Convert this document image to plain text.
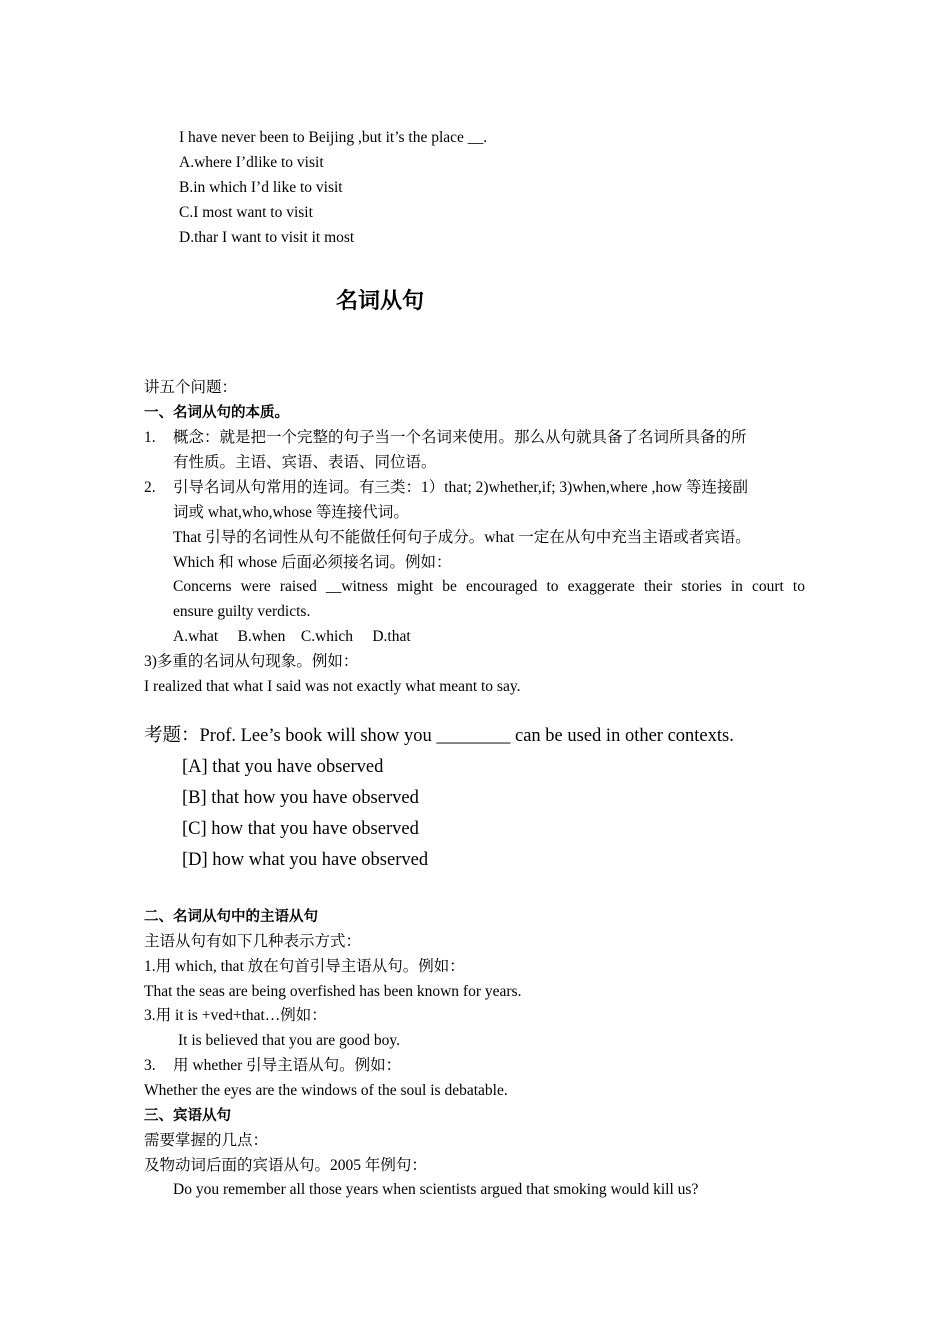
I have never been to Beijing ,but it’s the place __.
A.where I’dlike to visit
B.in which I’d like to visit
C.I most want to visit
D.thar I want to visit it most
名词从句
讲五个问题：
一、名词从句的本质。
1. 概念：就是把一个完整的句子当一个名词来使用。那么从句就具备了名词所具备的所
有性质。主语、宾语、表语、同位语。
2. 引导名词从句常用的连词。有三类：1）that; 2)whether,if; 3)when,where ,how 等连接副
词或 what,who,whose 等连接代词。
That 引导的名词性从句不能做任何句子成分。what 一定在从句中充当主语或者宾语。
Which 和 whose 后面必须接名词。例如：
Concerns were raised __witness might be encouraged to exaggerate their stories in court to
ensure guilty verdicts.
A.what     B.when    C.which     D.that
3)多重的名词从句现象。例如：
I realized that what I said was not exactly what meant to say.
考题：Prof. Lee’s book will show you ________ can be used in other contexts.
[A] that you have observed
[B] that how you have observed
[C] how that you have observed
[D] how what you have observed
二、名词从句中的主语从句
主语从句有如下几种表示方式：
1.用 which, that 放在句首引导主语从句。例如：
That the seas are being overfished has been known for years.
3.用 it is +ved+that…例如：
It is believed that you are good boy.
3. 用 whether 引导主语从句。例如：
Whether the eyes are the windows of the soul is debatable.
三、宾语从句
需要掌握的几点：
及物动词后面的宾语从句。2005 年例句：
Do you remember all those years when scientists argued that smoking would kill us?
